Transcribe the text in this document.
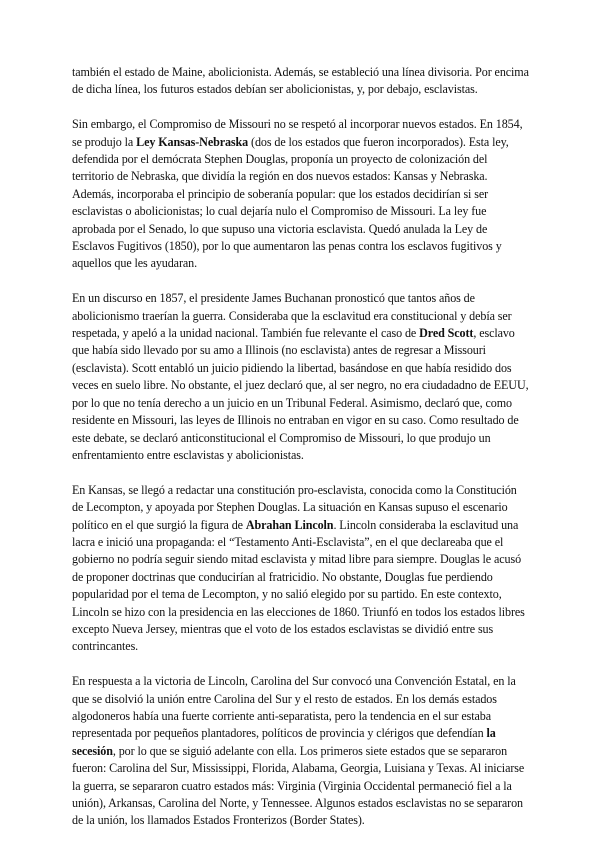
también el estado de Maine, abolicionista. Además, se estableció una línea divisoria. Por encima de dicha línea, los futuros estados debían ser abolicionistas, y, por debajo, esclavistas.

Sin embargo, el Compromiso de Missouri no se respetó al incorporar nuevos estados. En 1854, se produjo la Ley Kansas-Nebraska (dos de los estados que fueron incorporados). Esta ley, defendida por el demócrata Stephen Douglas, proponía un proyecto de colonización del territorio de Nebraska, que dividía la región en dos nuevos estados: Kansas y Nebraska. Además, incorporaba el principio de soberanía popular: que los estados decidirían si ser esclavistas o abolicionistas; lo cual dejaría nulo el Compromiso de Missouri. La ley fue aprobada por el Senado, lo que supuso una victoria esclavista. Quedó anulada la Ley de Esclavos Fugitivos (1850), por lo que aumentaron las penas contra los esclavos fugitivos y aquellos que les ayudaran.

En un discurso en 1857, el presidente James Buchanan pronosticó que tantos años de abolicionismo traerían la guerra. Consideraba que la esclavitud era constitucional y debía ser respetada, y apeló a la unidad nacional. También fue relevante el caso de Dred Scott, esclavo que había sido llevado por su amo a Illinois (no esclavista) antes de regresar a Missouri (esclavista). Scott entabló un juicio pidiendo la libertad, basándose en que había residido dos veces en suelo libre. No obstante, el juez declaró que, al ser negro, no era ciudadadno de EEUU, por lo que no tenía derecho a un juicio en un Tribunal Federal. Asimismo, declaró que, como residente en Missouri, las leyes de Illinois no entraban en vigor en su caso. Como resultado de este debate, se declaró anticonstitucional el Compromiso de Missouri, lo que produjo un enfrentamiento entre esclavistas y abolicionistas.

En Kansas, se llegó a redactar una constitución pro-esclavista, conocida como la Constitución de Lecompton, y apoyada por Stephen Douglas. La situación en Kansas supuso el escenario político en el que surgió la figura de Abrahan Lincoln. Lincoln consideraba la esclavitud una lacra e inició una propaganda: el “Testamento Anti-Esclavista”, en el que declareaba que el gobierno no podría seguir siendo mitad esclavista y mitad libre para siempre. Douglas le acusó de proponer doctrinas que conducirían al fratricidio. No obstante, Douglas fue perdiendo popularidad por el tema de Lecompton, y no salió elegido por su partido. En este contexto, Lincoln se hizo con la presidencia en las elecciones de 1860. Triunfó en todos los estados libres excepto Nueva Jersey, mientras que el voto de los estados esclavistas se dividió entre sus contrincantes.

En respuesta a la victoria de Lincoln, Carolina del Sur convocó una Convención Estatal, en la que se disolvió la unión entre Carolina del Sur y el resto de estados. En los demás estados algodoneros había una fuerte corriente anti-separatista, pero la tendencia en el sur estaba representada por pequeños plantadores, políticos de provincia y clérigos que defendían la secesión, por lo que se siguió adelante con ella. Los primeros siete estados que se separaron fueron: Carolina del Sur, Mississippi, Florida, Alabama, Georgia, Luisiana y Texas. Al iniciarse la guerra, se separaron cuatro estados más: Virginia (Virginia Occidental permaneció fiel a la unión), Arkansas, Carolina del Norte, y Tennessee. Algunos estados esclavistas no se separaron de la unión, los llamados Estados Fronterizos (Border States).
